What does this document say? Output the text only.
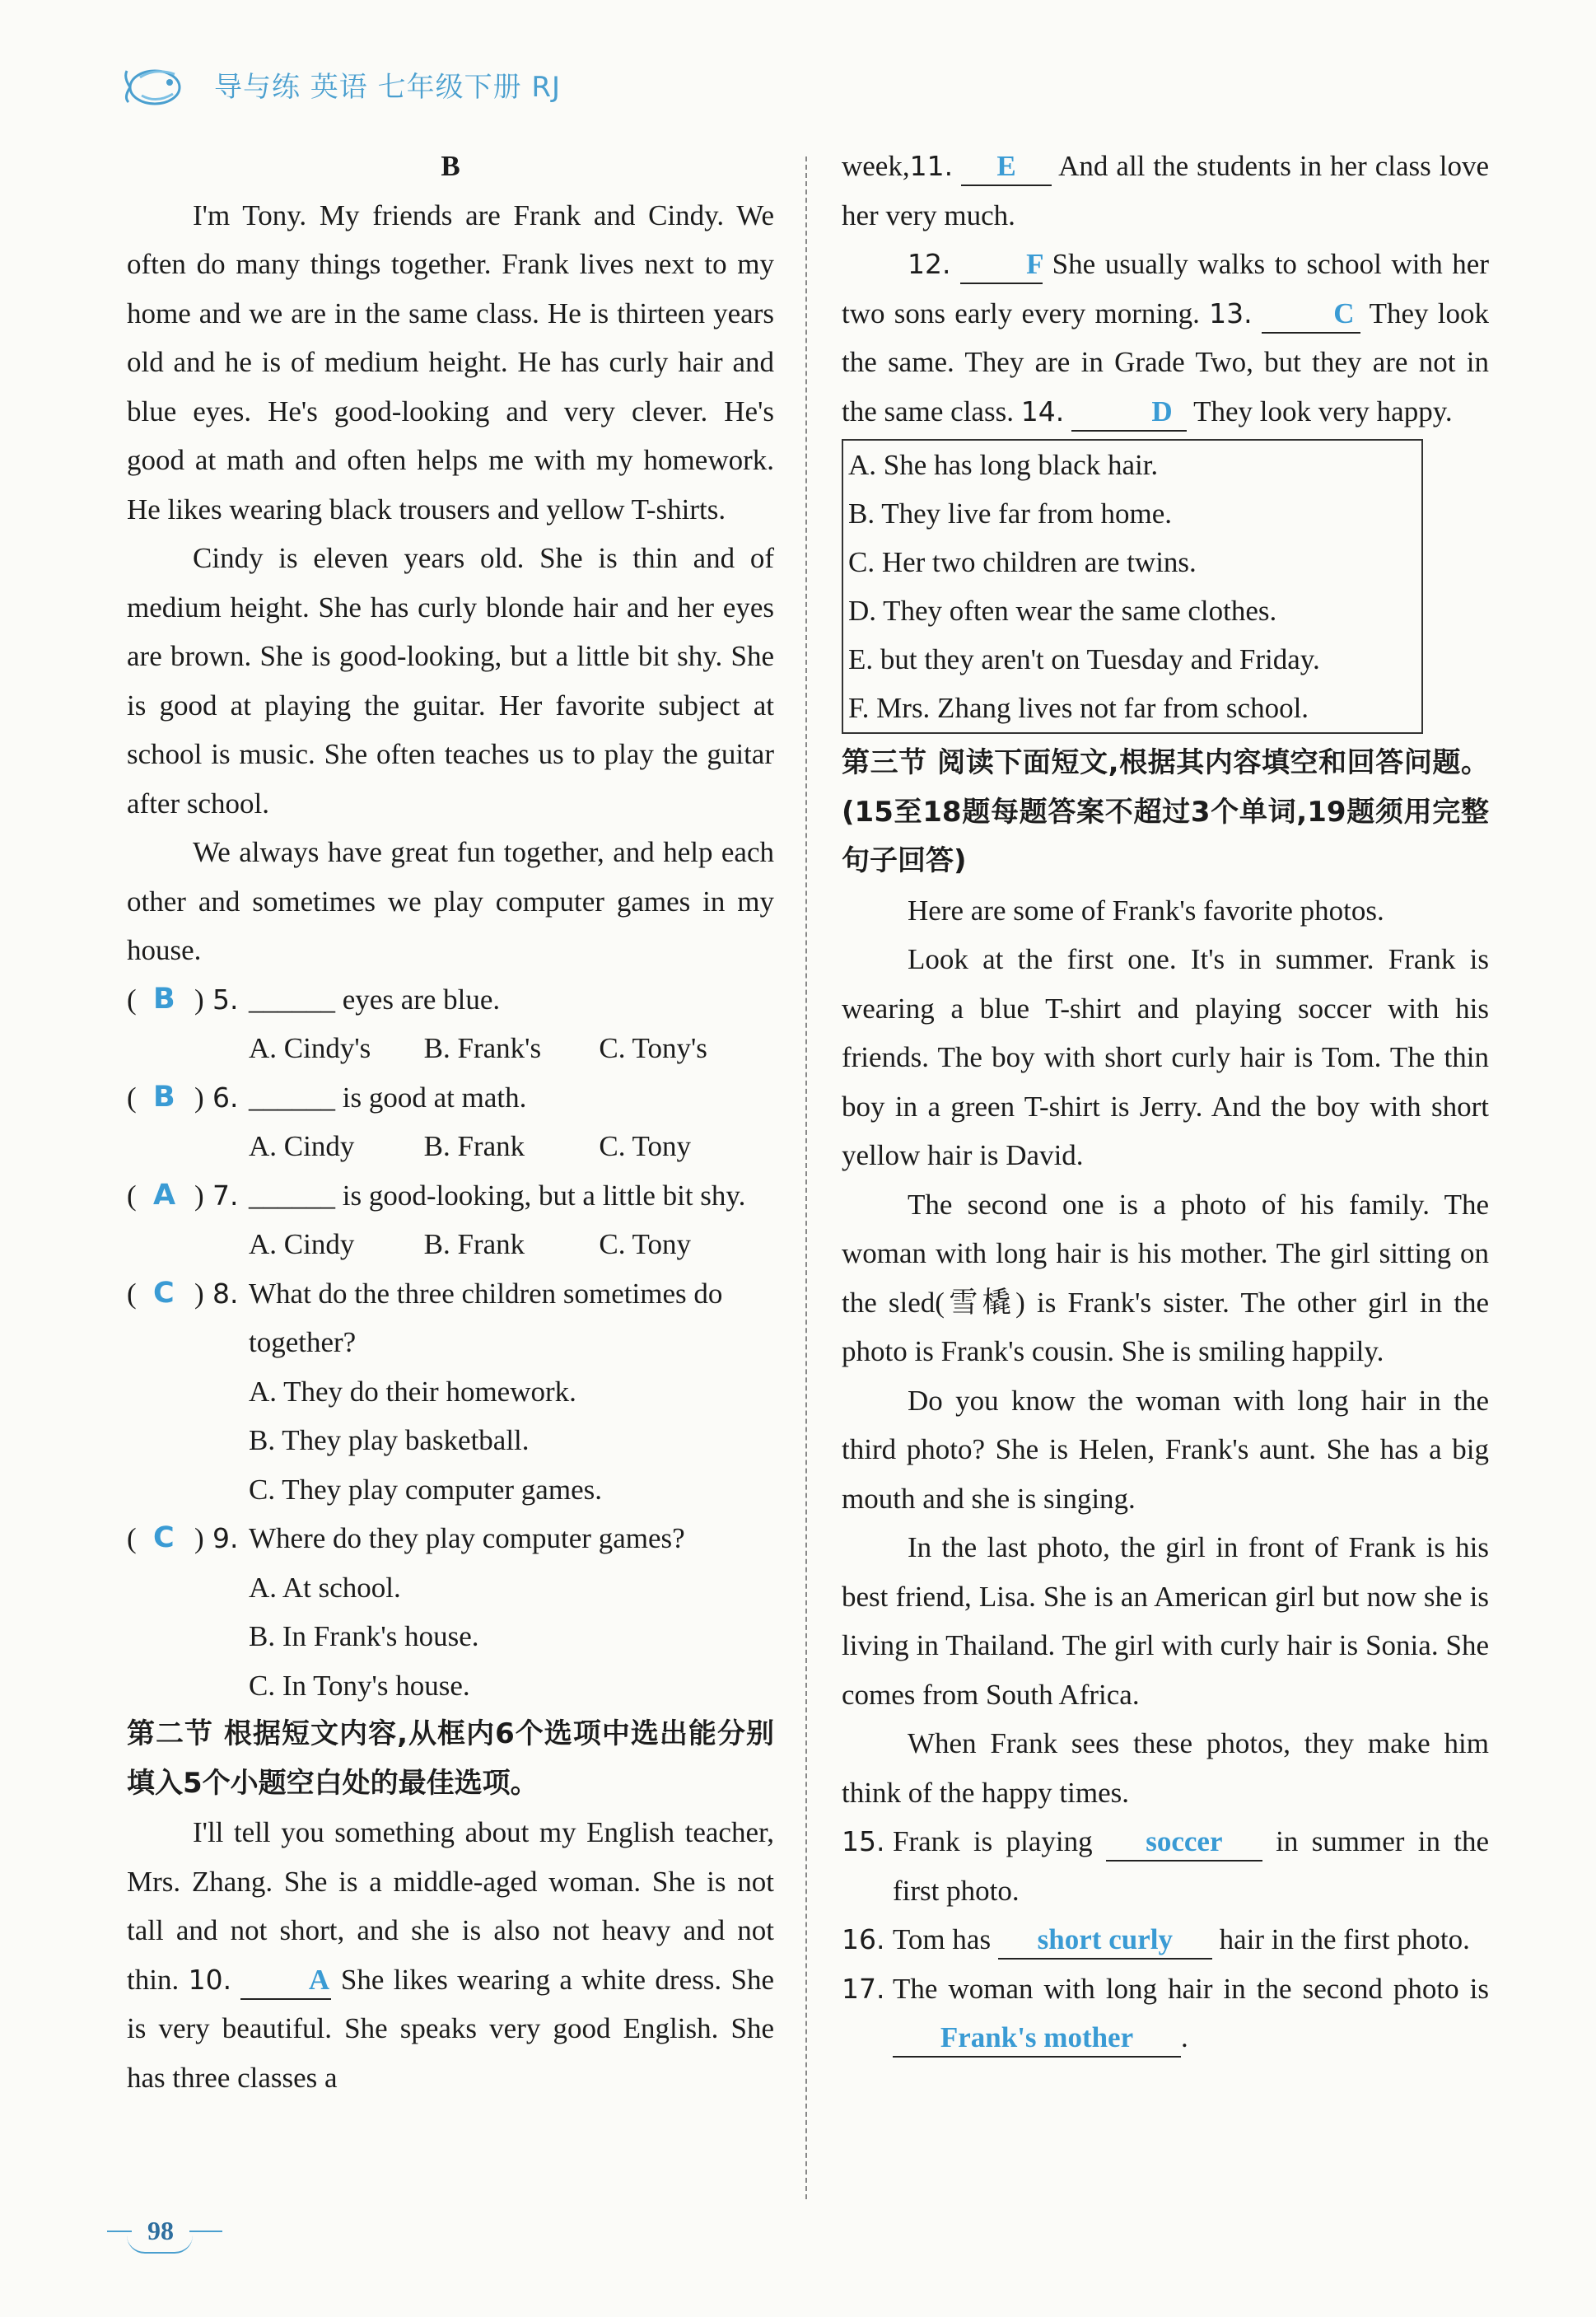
导与练 英语 七年级下册 RJ

B

I'm Tony. My friends are Frank and Cindy. We often do many things together. Frank lives next to my home and we are in the same class. He is thirteen years old and he is of medium height. He has curly hair and blue eyes. He's good-looking and very clever. He's good at math and often helps me with my homework. He likes wearing black trousers and yellow T-shirts.

Cindy is eleven years old. She is thin and of medium height. She has curly blonde hair and her eyes are brown. She is good-looking, but a little bit shy. She is good at playing the guitar. Her favorite subject at school is music. She often teaches us to play the guitar after school.

We always have great fun together, and help each other and sometimes we play computer games in my house.

( B ) 5. ______ eyes are blue.
A. Cindy's	B. Frank's	C. Tony's
( B ) 6. ______ is good at math.
A. Cindy	B. Frank	C. Tony
( A ) 7. ______ is good-looking, but a little bit shy.
A. Cindy	B. Frank	C. Tony
( C ) 8. What do the three children sometimes do together?
A. They do their homework.
B. They play basketball.
C. They play computer games.
( C ) 9. Where do they play computer games?
A. At school.
B. In Frank's house.
C. In Tony's house.

第二节 根据短文内容,从框内6个选项中选出能分别填入5个小题空白处的最佳选项。

I'll tell you something about my English teacher, Mrs. Zhang. She is a middle-aged woman. She is not tall and not short, and she is also not heavy and not thin. 10.	A She likes wearing a white dress. She is very beautiful. She speaks very good English. She has three classes a

week,11. E And all the students in her class love her very much.

12.	F She usually walks to school with her two sons early every morning. 13.	C They look the same. They are in Grade Two, but they are not in the same class. 14.	D They look very happy.

A. She has long black hair.
B. They live far from home.
C. Her two children are twins.
D. They often wear the same clothes.
E. but they aren't on Tuesday and Friday.
F. Mrs. Zhang lives not far from school.

第三节 阅读下面短文,根据其内容填空和回答问题。(15至18题每题答案不超过3个单词,19题须用完整句子回答)

Here are some of Frank's favorite photos.

Look at the first one. It's in summer. Frank is wearing a blue T-shirt and playing soccer with his friends. The boy with short curly hair is Tom. The thin boy in a green T-shirt is Jerry. And the boy with short yellow hair is David.

The second one is a photo of his family. The woman with long hair is his mother. The girl sitting on the sled(雪橇) is Frank's sister. The other girl in the photo is Frank's cousin. She is smiling happily.

Do you know the woman with long hair in the third photo? She is Helen, Frank's aunt. She has a big mouth and she is singing.

In the last photo, the girl in front of Frank is his best friend, Lisa. She is an American girl but now she is living in Thailand. The girl with curly hair is Sonia. She comes from South Africa.

When Frank sees these photos, they make him think of the happy times.

15. Frank is playing soccer in summer in the first photo.

16. Tom has short curly hair in the first photo.

17. The woman with long hair in the second photo is Frank's mother .

98
